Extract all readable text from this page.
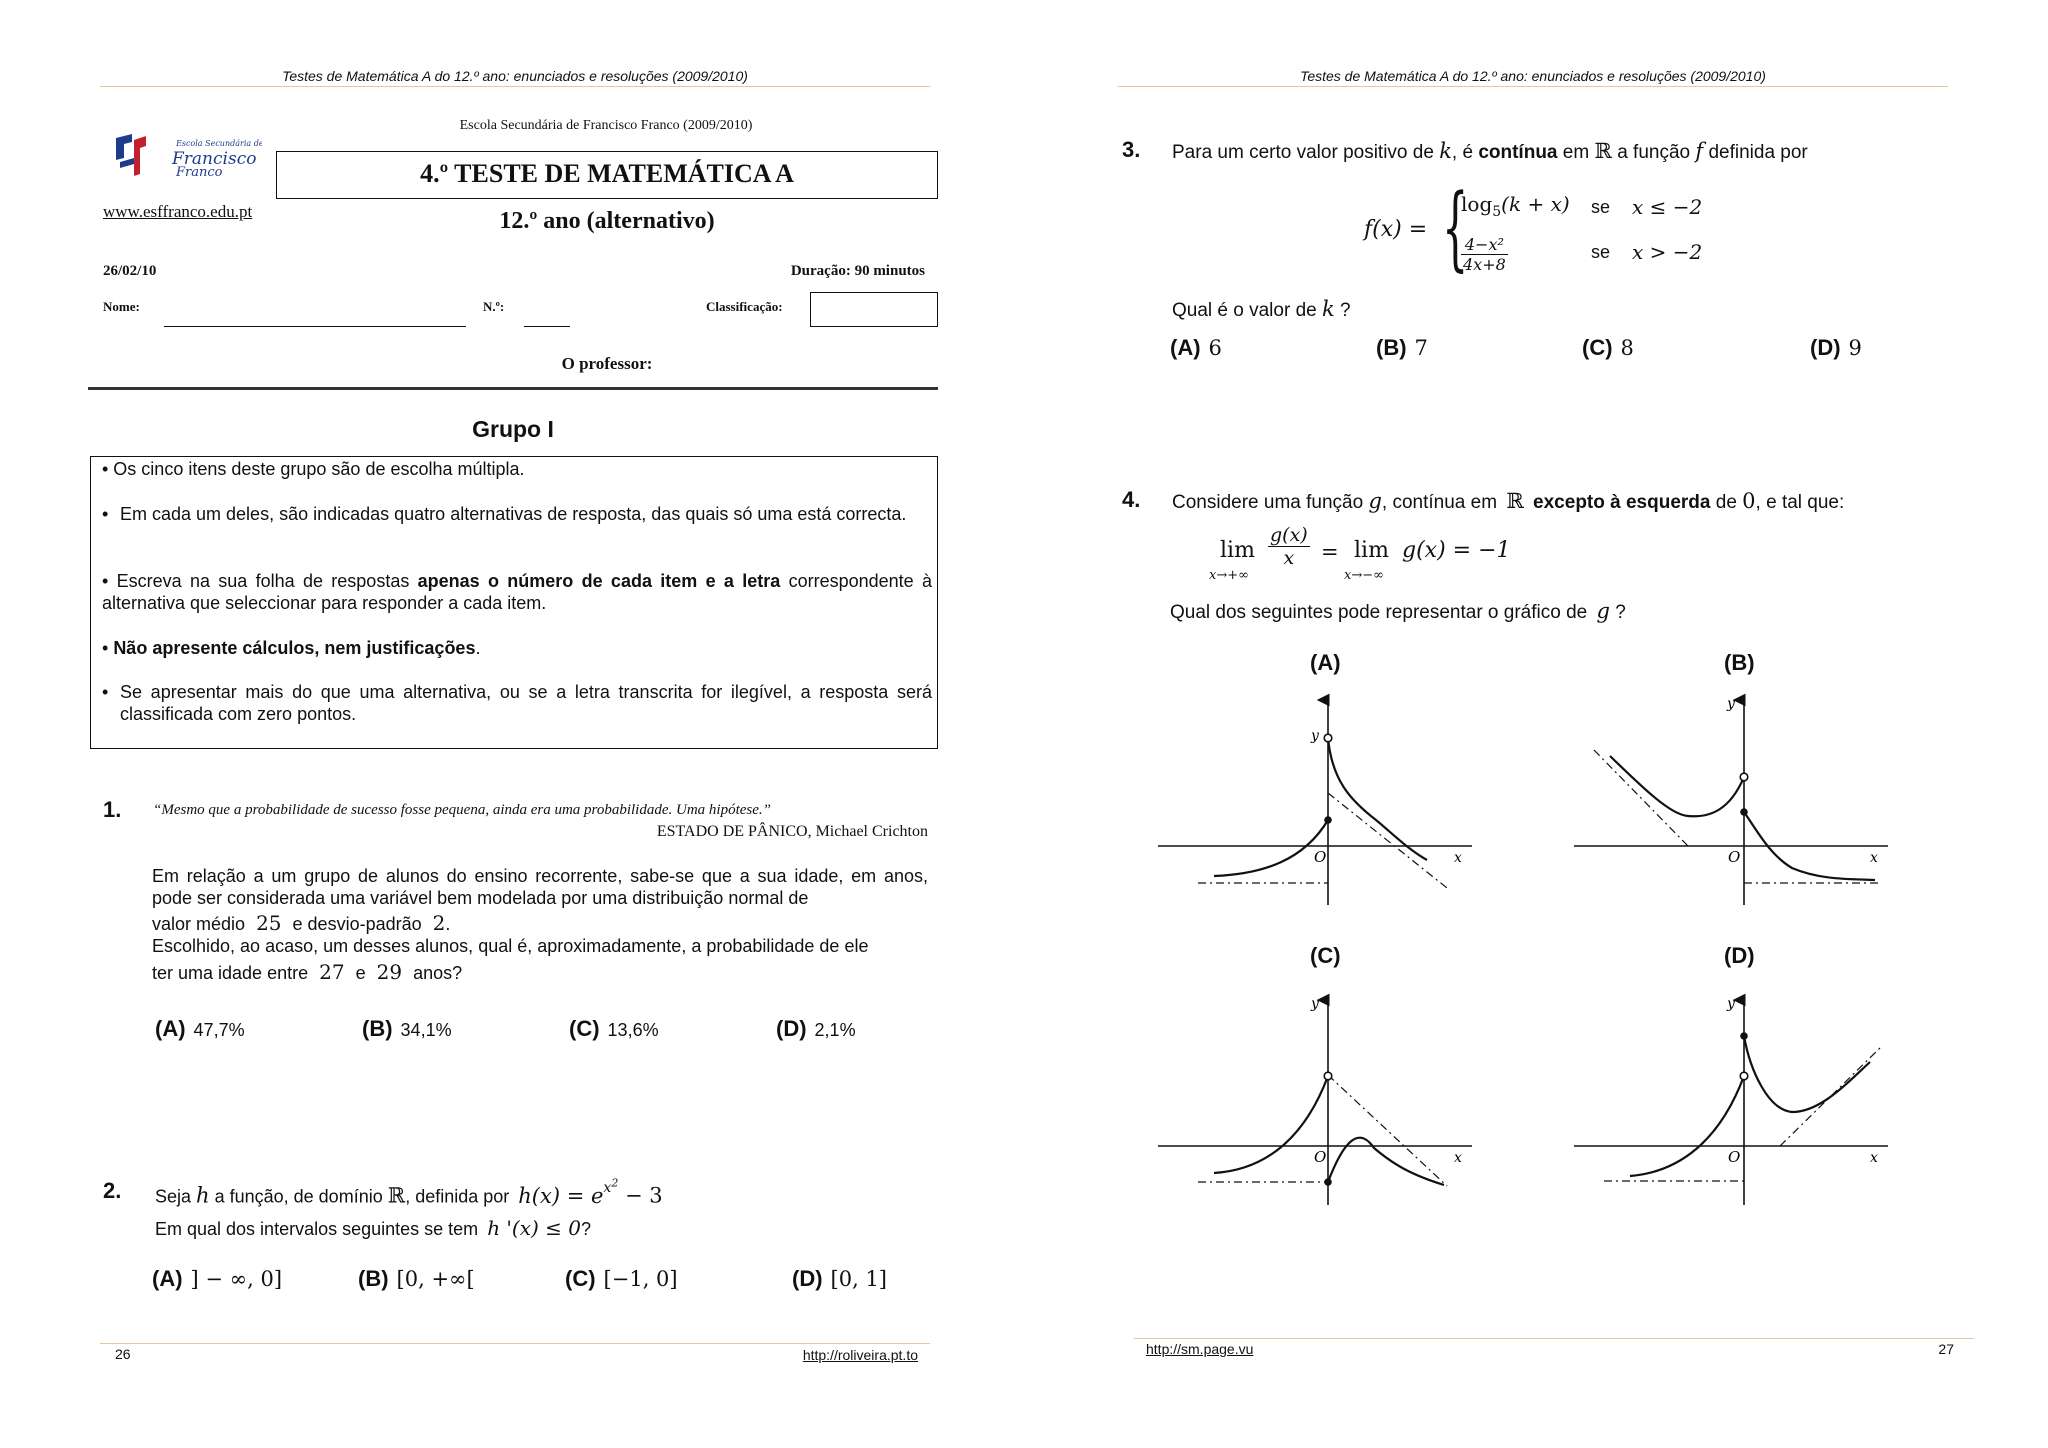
Testes de Matemática A do 12.º ano: enunciados e resoluções (2009/2010)
Escola Secundária de
Francisco
Franco
www.esffranco.edu.pt
Escola Secundária de Francisco Franco (2009/2010)
4.º TESTE DE MATEMÁTICA A
12.º ano (alternativo)
26/02/10	Duração: 90 minutos
Nome:	N.º:	Classificação:
O professor:
Grupo I
• Os cinco itens deste grupo são de escolha múltipla.
• Em cada um deles, são indicadas quatro alternativas de resposta, das quais só uma está correcta.
• Escreva na sua folha de respostas apenas o número de cada item e a letra correspondente à alternativa que seleccionar para responder a cada item.
• Não apresente cálculos, nem justificações.
• Se apresentar mais do que uma alternativa, ou se a letra transcrita for ilegível, a resposta será classificada com zero pontos.
1. “Mesmo que a probabilidade de sucesso fosse pequena, ainda era uma probabilidade. Uma hipótese.”
ESTADO DE PÂNICO, Michael Crichton
Em relação a um grupo de alunos do ensino recorrente, sabe-se que a sua idade, em anos, pode ser considerada uma variável bem modelada por uma distribuição normal de
valor médio 25 e desvio-padrão 2.
Escolhido, ao acaso, um desses alunos, qual é, aproximadamente, a probabilidade de ele
ter uma idade entre 27 e 29 anos?
(A) 47,7%	(B) 34,1%	(C) 13,6%	(D) 2,1%
2. Seja h a função, de domínio ℝ, definida por $h(x) = e^{x^2} - 3$
Em qual dos intervalos seguintes se tem h '(x) ≤ 0?
(A) ] − ∞, 0]	(B) [0, +∞[	(C) [−1, 0]	(D) [0, 1]
26	http://roliveira.pt.to
Testes de Matemática A do 12.º ano: enunciados e resoluções (2009/2010)
3. Para um certo valor positivo de k, é contínua em ℝ a função f definida por
f(x) = {
$\log_5(k + x)$
$\frac{\text{4−x²}}{4x+8}$
se x ≤ −2
se x > −2
Qual é o valor de k ?
(A) 6	(B) 7	(C) 8	(D) 9
4. Considere uma função g, contínua em ℝ excepto à esquerda de 0, e tal que:
lim
x→+∞
$\frac{g(x)}{x} = \lim$
x→−∞
g(x) = −1
Qual dos seguintes pode representar o gráfico de g ?
(A)	(B)
(C)	(D)
y
O	x
y
O	x
y
O	x
y
O	x
http://sm.page.vu	27
